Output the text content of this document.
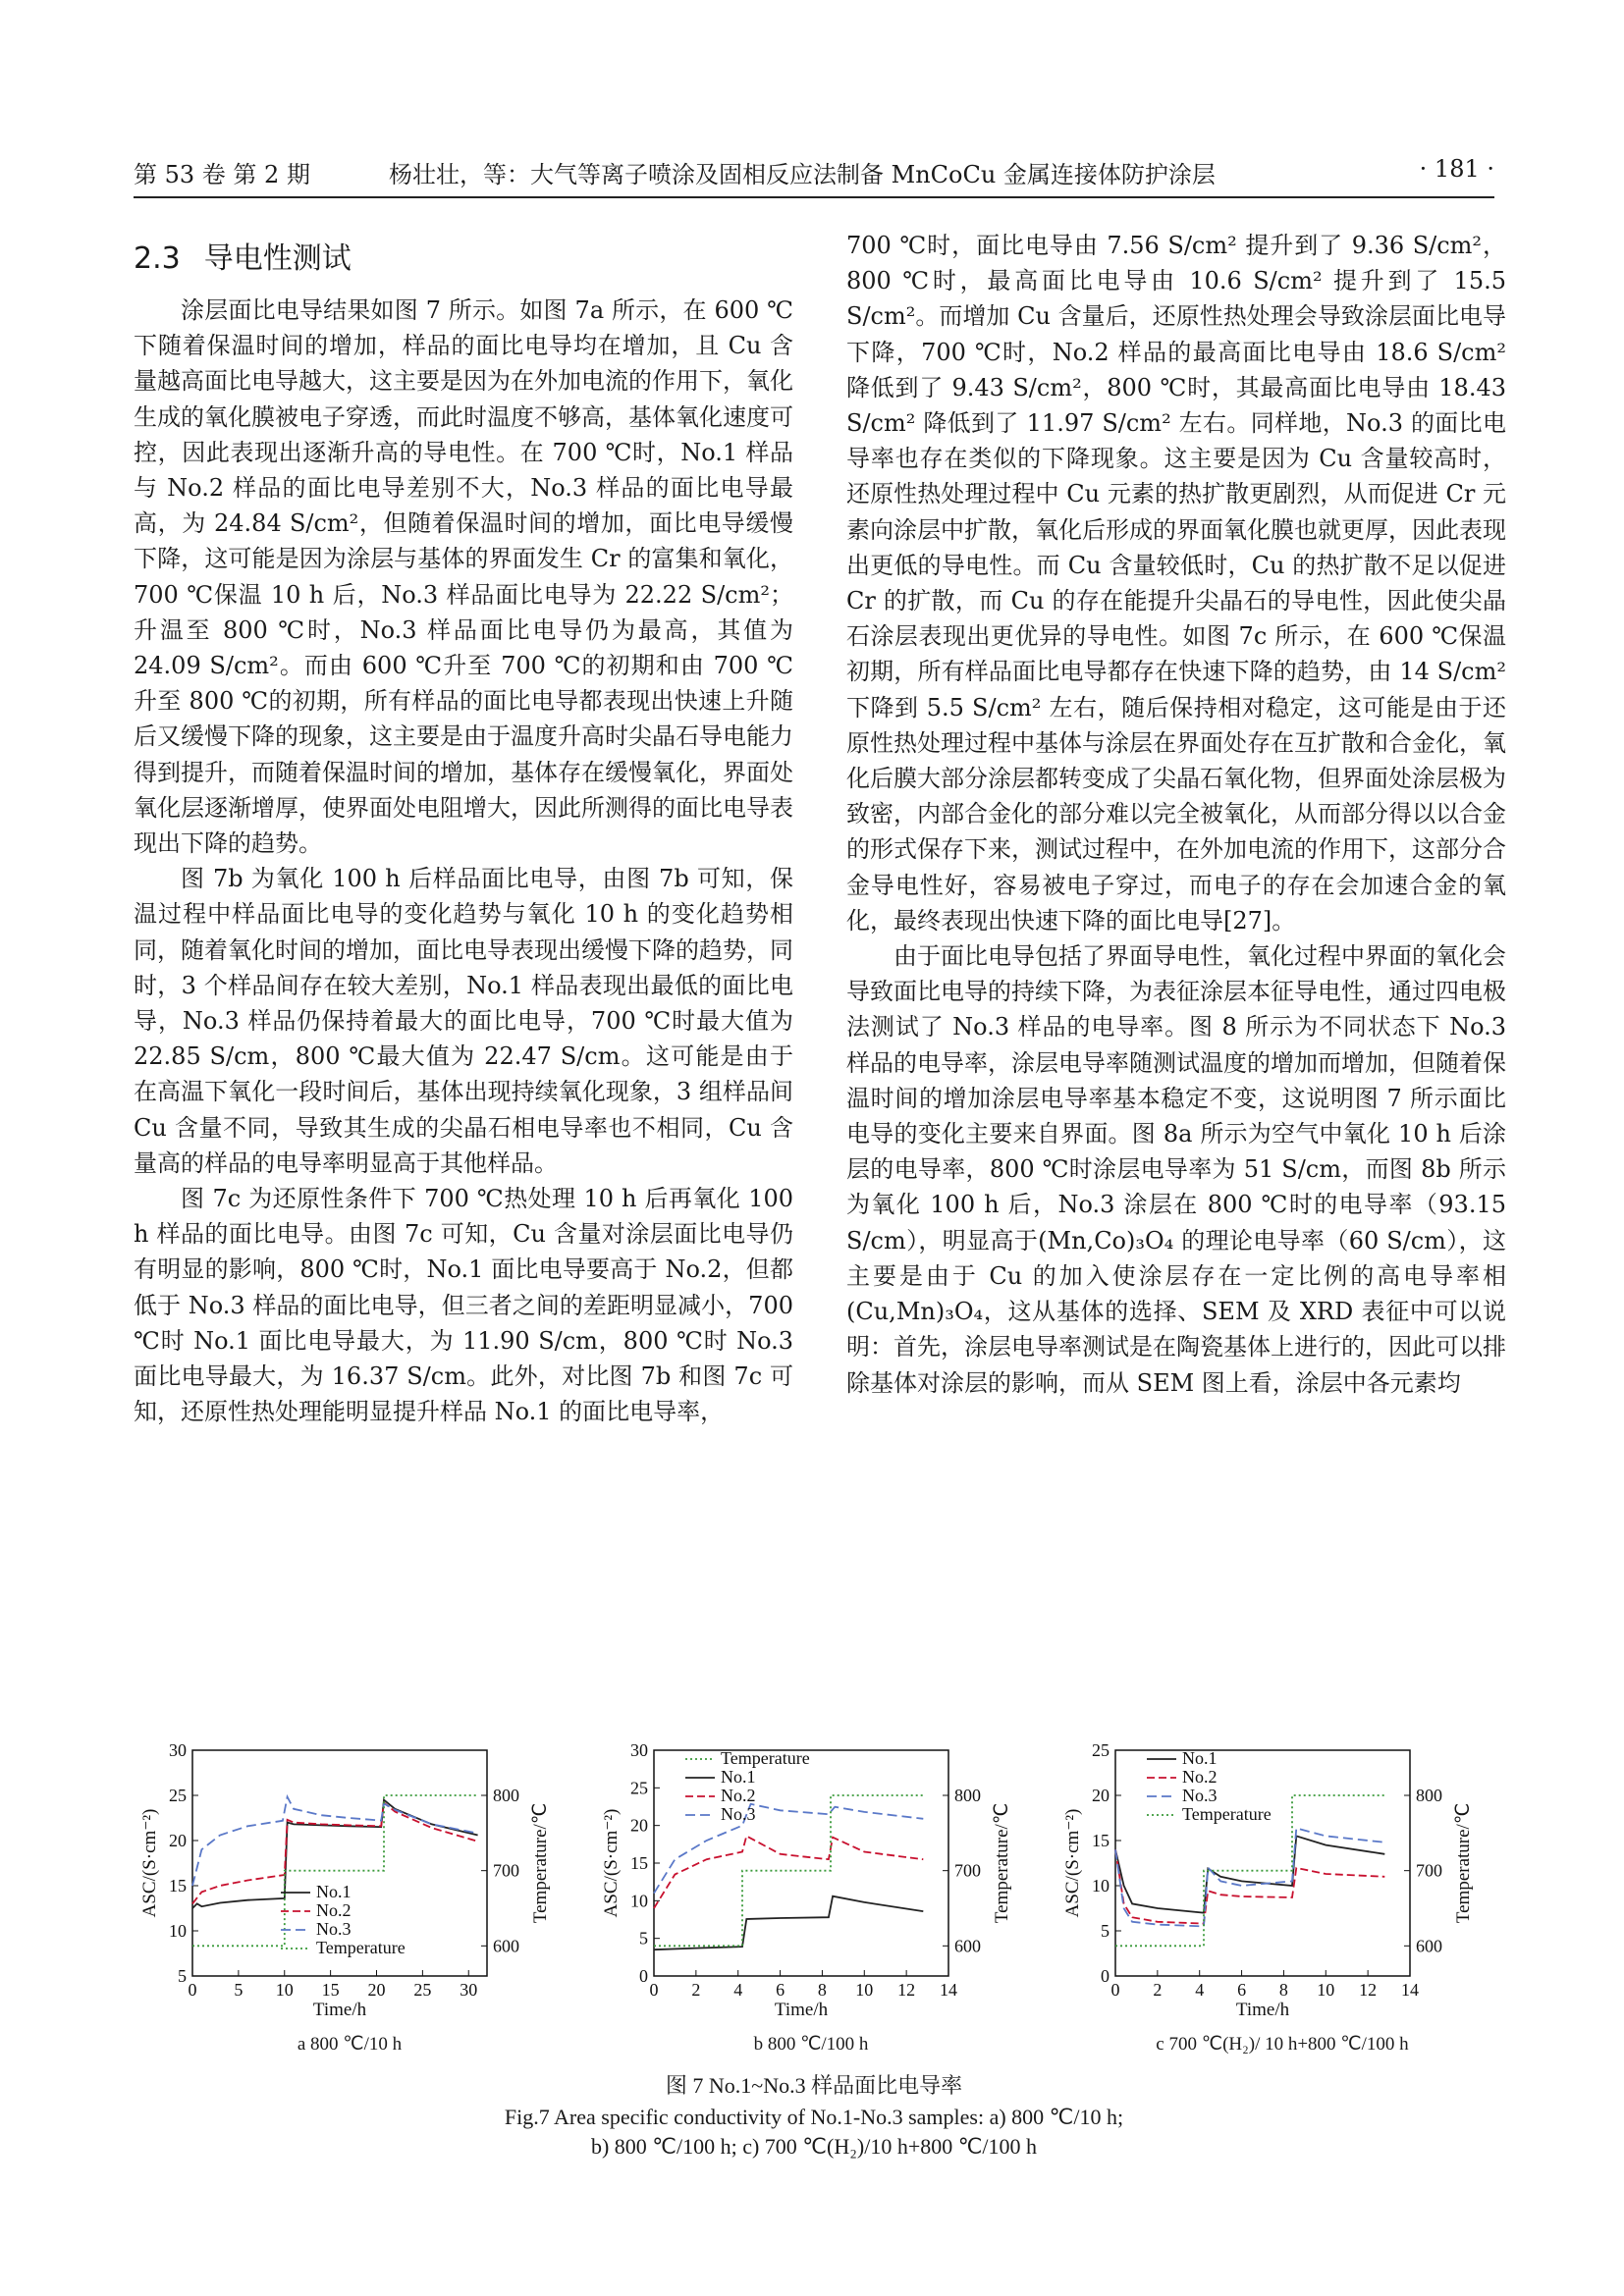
第 53 卷 第 2 期	杨壮壮，等：大气等离子喷涂及固相反应法制备 MnCoCu 金属连接体防护涂层	· 181 ·
2.3 导电性测试

涂层面比电导结果如图 7 所示。如图 7a 所示，在 600 ℃下随着保温时间的增加，样品的面比电导均在增加，且 Cu 含量越高面比电导越大，这主要是因为在外加电流的作用下，氧化生成的氧化膜被电子穿透，而此时温度不够高，基体氧化速度可控，因此表现出逐渐升高的导电性。在 700 ℃时，No.1 样品与 No.2 样品的面比电导差别不大，No.3 样品的面比电导最高，为 24.84 S/cm²，但随着保温时间的增加，面比电导缓慢下降，这可能是因为涂层与基体的界面发生 Cr 的富集和氧化，700 ℃保温 10 h 后，No.3 样品面比电导为 22.22 S/cm²；升温至 800 ℃时，No.3 样品面比电导仍为最高，其值为 24.09 S/cm²。而由 600 ℃升至 700 ℃的初期和由 700 ℃升至 800 ℃的初期，所有样品的面比电导都表现出快速上升随后又缓慢下降的现象，这主要是由于温度升高时尖晶石导电能力得到提升，而随着保温时间的增加，基体存在缓慢氧化，界面处氧化层逐渐增厚，使界面处电阻增大，因此所测得的面比电导表现出下降的趋势。

图 7b 为氧化 100 h 后样品面比电导，由图 7b 可知，保温过程中样品面比电导的变化趋势与氧化 10 h 的变化趋势相同，随着氧化时间的增加，面比电导表现出缓慢下降的趋势，同时，3 个样品间存在较大差别，No.1 样品表现出最低的面比电导，No.3 样品仍保持着最大的面比电导，700 ℃时最大值为 22.85 S/cm，800 ℃最大值为 22.47 S/cm。这可能是由于在高温下氧化一段时间后，基体出现持续氧化现象，3 组样品间 Cu 含量不同，导致其生成的尖晶石相电导率也不相同，Cu 含量高的样品的电导率明显高于其他样品。

图 7c 为还原性条件下 700 ℃热处理 10 h 后再氧化 100 h 样品的面比电导。由图 7c 可知，Cu 含量对涂层面比电导仍有明显的影响，800 ℃时，No.1 面比电导要高于 No.2，但都低于 No.3 样品的面比电导，但三者之间的差距明显减小，700 ℃时 No.1 面比电导最大，为 11.90 S/cm，800 ℃时 No.3 面比电导最大，为 16.37 S/cm。此外，对比图 7b 和图 7c 可知，还原性热处理能明显提升样品 No.1 的面比电导率，

700 ℃时，面比电导由 7.56 S/cm² 提升到了 9.36 S/cm²，800 ℃时，最高面比电导由 10.6 S/cm² 提升到了 15.5 S/cm²。而增加 Cu 含量后，还原性热处理会导致涂层面比电导下降，700 ℃时，No.2 样品的最高面比电导由 18.6 S/cm² 降低到了 9.43 S/cm²，800 ℃时，其最高面比电导由 18.43 S/cm² 降低到了 11.97 S/cm² 左右。同样地，No.3 的面比电导率也存在类似的下降现象。这主要是因为 Cu 含量较高时，还原性热处理过程中 Cu 元素的热扩散更剧烈，从而促进 Cr 元素向涂层中扩散，氧化后形成的界面氧化膜也就更厚，因此表现出更低的导电性。而 Cu 含量较低时，Cu 的热扩散不足以促进 Cr 的扩散，而 Cu 的存在能提升尖晶石的导电性，因此使尖晶石涂层表现出更优异的导电性。如图 7c 所示，在 600 ℃保温初期，所有样品面比电导都存在快速下降的趋势，由 14 S/cm² 下降到 5.5 S/cm² 左右，随后保持相对稳定，这可能是由于还原性热处理过程中基体与涂层在界面处存在互扩散和合金化，氧化后膜大部分涂层都转变成了尖晶石氧化物，但界面处涂层极为致密，内部合金化的部分难以完全被氧化，从而部分得以以合金的形式保存下来，测试过程中，在外加电流的作用下，这部分合金导电性好，容易被电子穿过，而电子的存在会加速合金的氧化，最终表现出快速下降的面比电导[27]。

由于面比电导包括了界面导电性，氧化过程中界面的氧化会导致面比电导的持续下降，为表征涂层本征导电性，通过四电极法测试了 No.3 样品的电导率。图 8 所示为不同状态下 No.3 样品的电导率，涂层电导率随测试温度的增加而增加，但随着保温时间的增加涂层电导率基本稳定不变，这说明图 7 所示面比电导的变化主要来自界面。图 8a 所示为空气中氧化 10 h 后涂层的电导率，800 ℃时涂层电导率为 51 S/cm，而图 8b 所示为氧化 100 h 后，No.3 涂层在 800 ℃时的电导率（93.15 S/cm），明显高于(Mn,Co)₃O₄ 的理论电导率（60 S/cm），这主要是由于 Cu 的加入使涂层存在一定比例的高电导率相(Cu,Mn)₃O₄，这从基体的选择、SEM 及 XRD 表征中可以说明：首先，涂层电导率测试是在陶瓷基体上进行的，因此可以排除基体对涂层的影响，而从 SEM 图上看，涂层中各元素均

0 5 10 15 20 25 30
5
10
15
20
25
30
600
700
800
Time/h
ASC/(S·cm⁻²)	Temperature/℃
No.1
No.2
No.3
Temperature
0 2 4 6 8 10 12 14
0
5
10
15
20
25
30
600
700
800
Time/h
ASC/(S·cm⁻²)	Temperature/℃
Temperature
No.1
No.2
No.3
0 2 4 6 8 10 12 14
0
5
10
15
20
25
600
700
800
Time/h
ASC/(S·cm⁻²)	Temperature/℃
No.1
No.2
No.3
Temperature
a 800 ℃/10 h	b 800 ℃/100 h	c 700 ℃(H₂)/ 10 h+800 ℃/100 h
图 7 No.1~No.3 样品面比电导率
Fig.7 Area specific conductivity of No.1-No.3 samples: a) 800 ℃/10 h;
b) 800 ℃/100 h; c) 700 ℃(H₂)/10 h+800 ℃/100 h
